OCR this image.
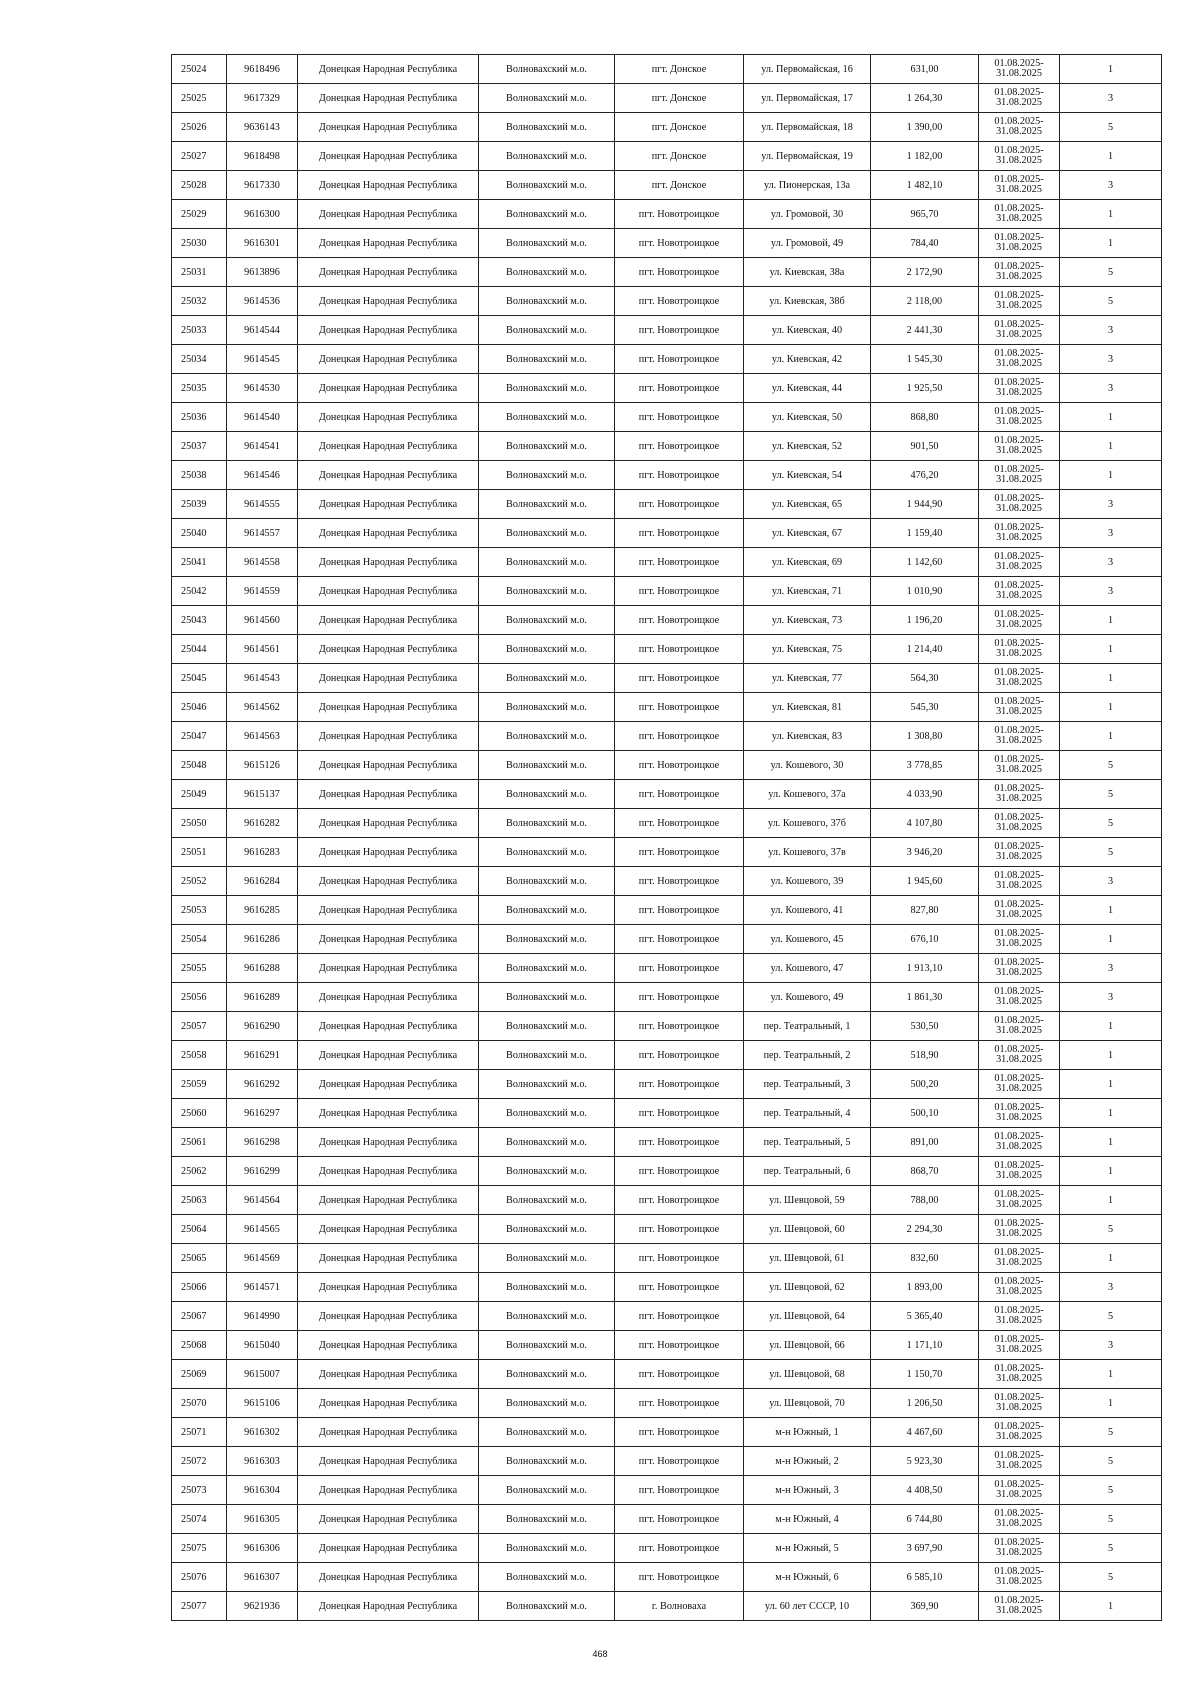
25024	9618496	Донецкая Народная Республика	Волновахский м.о.	пгт. Донское	ул. Первомайская, 16	631,00	01.08.2025-31.08.2025	1
25025	9617329	Донецкая Народная Республика	Волновахский м.о.	пгт. Донское	ул. Первомайская, 17	1 264,30	01.08.2025-31.08.2025	3
25026	9636143	Донецкая Народная Республика	Волновахский м.о.	пгт. Донское	ул. Первомайская, 18	1 390,00	01.08.2025-31.08.2025	5
25027	9618498	Донецкая Народная Республика	Волновахский м.о.	пгт. Донское	ул. Первомайская, 19	1 182,00	01.08.2025-31.08.2025	1
25028	9617330	Донецкая Народная Республика	Волновахский м.о.	пгт. Донское	ул. Пионерская, 13а	1 482,10	01.08.2025-31.08.2025	3
25029	9616300	Донецкая Народная Республика	Волновахский м.о.	пгт. Новотроицкое	ул. Громовой, 30	965,70	01.08.2025-31.08.2025	1
25030	9616301	Донецкая Народная Республика	Волновахский м.о.	пгт. Новотроицкое	ул. Громовой, 49	784,40	01.08.2025-31.08.2025	1
25031	9613896	Донецкая Народная Республика	Волновахский м.о.	пгт. Новотроицкое	ул. Киевская, 38а	2 172,90	01.08.2025-31.08.2025	5
25032	9614536	Донецкая Народная Республика	Волновахский м.о.	пгт. Новотроицкое	ул. Киевская, 38б	2 118,00	01.08.2025-31.08.2025	5
25033	9614544	Донецкая Народная Республика	Волновахский м.о.	пгт. Новотроицкое	ул. Киевская, 40	2 441,30	01.08.2025-31.08.2025	3
25034	9614545	Донецкая Народная Республика	Волновахский м.о.	пгт. Новотроицкое	ул. Киевская, 42	1 545,30	01.08.2025-31.08.2025	3
25035	9614530	Донецкая Народная Республика	Волновахский м.о.	пгт. Новотроицкое	ул. Киевская, 44	1 925,50	01.08.2025-31.08.2025	3
25036	9614540	Донецкая Народная Республика	Волновахский м.о.	пгт. Новотроицкое	ул. Киевская, 50	868,80	01.08.2025-31.08.2025	1
25037	9614541	Донецкая Народная Республика	Волновахский м.о.	пгт. Новотроицкое	ул. Киевская, 52	901,50	01.08.2025-31.08.2025	1
25038	9614546	Донецкая Народная Республика	Волновахский м.о.	пгт. Новотроицкое	ул. Киевская, 54	476,20	01.08.2025-31.08.2025	1
25039	9614555	Донецкая Народная Республика	Волновахский м.о.	пгт. Новотроицкое	ул. Киевская, 65	1 944,90	01.08.2025-31.08.2025	3
25040	9614557	Донецкая Народная Республика	Волновахский м.о.	пгт. Новотроицкое	ул. Киевская, 67	1 159,40	01.08.2025-31.08.2025	3
25041	9614558	Донецкая Народная Республика	Волновахский м.о.	пгт. Новотроицкое	ул. Киевская, 69	1 142,60	01.08.2025-31.08.2025	3
25042	9614559	Донецкая Народная Республика	Волновахский м.о.	пгт. Новотроицкое	ул. Киевская, 71	1 010,90	01.08.2025-31.08.2025	3
25043	9614560	Донецкая Народная Республика	Волновахский м.о.	пгт. Новотроицкое	ул. Киевская, 73	1 196,20	01.08.2025-31.08.2025	1
25044	9614561	Донецкая Народная Республика	Волновахский м.о.	пгт. Новотроицкое	ул. Киевская, 75	1 214,40	01.08.2025-31.08.2025	1
25045	9614543	Донецкая Народная Республика	Волновахский м.о.	пгт. Новотроицкое	ул. Киевская, 77	564,30	01.08.2025-31.08.2025	1
25046	9614562	Донецкая Народная Республика	Волновахский м.о.	пгт. Новотроицкое	ул. Киевская, 81	545,30	01.08.2025-31.08.2025	1
25047	9614563	Донецкая Народная Республика	Волновахский м.о.	пгт. Новотроицкое	ул. Киевская, 83	1 308,80	01.08.2025-31.08.2025	1
25048	9615126	Донецкая Народная Республика	Волновахский м.о.	пгт. Новотроицкое	ул. Кошевого, 30	3 778,85	01.08.2025-31.08.2025	5
25049	9615137	Донецкая Народная Республика	Волновахский м.о.	пгт. Новотроицкое	ул. Кошевого, 37а	4 033,90	01.08.2025-31.08.2025	5
25050	9616282	Донецкая Народная Республика	Волновахский м.о.	пгт. Новотроицкое	ул. Кошевого, 37б	4 107,80	01.08.2025-31.08.2025	5
25051	9616283	Донецкая Народная Республика	Волновахский м.о.	пгт. Новотроицкое	ул. Кошевого, 37в	3 946,20	01.08.2025-31.08.2025	5
25052	9616284	Донецкая Народная Республика	Волновахский м.о.	пгт. Новотроицкое	ул. Кошевого, 39	1 945,60	01.08.2025-31.08.2025	3
25053	9616285	Донецкая Народная Республика	Волновахский м.о.	пгт. Новотроицкое	ул. Кошевого, 41	827,80	01.08.2025-31.08.2025	1
25054	9616286	Донецкая Народная Республика	Волновахский м.о.	пгт. Новотроицкое	ул. Кошевого, 45	676,10	01.08.2025-31.08.2025	1
25055	9616288	Донецкая Народная Республика	Волновахский м.о.	пгт. Новотроицкое	ул. Кошевого, 47	1 913,10	01.08.2025-31.08.2025	3
25056	9616289	Донецкая Народная Республика	Волновахский м.о.	пгт. Новотроицкое	ул. Кошевого, 49	1 861,30	01.08.2025-31.08.2025	3
25057	9616290	Донецкая Народная Республика	Волновахский м.о.	пгт. Новотроицкое	пер. Театральный, 1	530,50	01.08.2025-31.08.2025	1
25058	9616291	Донецкая Народная Республика	Волновахский м.о.	пгт. Новотроицкое	пер. Театральный, 2	518,90	01.08.2025-31.08.2025	1
25059	9616292	Донецкая Народная Республика	Волновахский м.о.	пгт. Новотроицкое	пер. Театральный, 3	500,20	01.08.2025-31.08.2025	1
25060	9616297	Донецкая Народная Республика	Волновахский м.о.	пгт. Новотроицкое	пер. Театральный, 4	500,10	01.08.2025-31.08.2025	1
25061	9616298	Донецкая Народная Республика	Волновахский м.о.	пгт. Новотроицкое	пер. Театральный, 5	891,00	01.08.2025-31.08.2025	1
25062	9616299	Донецкая Народная Республика	Волновахский м.о.	пгт. Новотроицкое	пер. Театральный, 6	868,70	01.08.2025-31.08.2025	1
25063	9614564	Донецкая Народная Республика	Волновахский м.о.	пгт. Новотроицкое	ул. Шевцовой, 59	788,00	01.08.2025-31.08.2025	1
25064	9614565	Донецкая Народная Республика	Волновахский м.о.	пгт. Новотроицкое	ул. Шевцовой, 60	2 294,30	01.08.2025-31.08.2025	5
25065	9614569	Донецкая Народная Республика	Волновахский м.о.	пгт. Новотроицкое	ул. Шевцовой, 61	832,60	01.08.2025-31.08.2025	1
25066	9614571	Донецкая Народная Республика	Волновахский м.о.	пгт. Новотроицкое	ул. Шевцовой, 62	1 893,00	01.08.2025-31.08.2025	3
25067	9614990	Донецкая Народная Республика	Волновахский м.о.	пгт. Новотроицкое	ул. Шевцовой, 64	5 365,40	01.08.2025-31.08.2025	5
25068	9615040	Донецкая Народная Республика	Волновахский м.о.	пгт. Новотроицкое	ул. Шевцовой, 66	1 171,10	01.08.2025-31.08.2025	3
25069	9615007	Донецкая Народная Республика	Волновахский м.о.	пгт. Новотроицкое	ул. Шевцовой, 68	1 150,70	01.08.2025-31.08.2025	1
25070	9615106	Донецкая Народная Республика	Волновахский м.о.	пгт. Новотроицкое	ул. Шевцовой, 70	1 206,50	01.08.2025-31.08.2025	1
25071	9616302	Донецкая Народная Республика	Волновахский м.о.	пгт. Новотроицкое	м-н Южный, 1	4 467,60	01.08.2025-31.08.2025	5
25072	9616303	Донецкая Народная Республика	Волновахский м.о.	пгт. Новотроицкое	м-н Южный, 2	5 923,30	01.08.2025-31.08.2025	5
25073	9616304	Донецкая Народная Республика	Волновахский м.о.	пгт. Новотроицкое	м-н Южный, 3	4 408,50	01.08.2025-31.08.2025	5
25074	9616305	Донецкая Народная Республика	Волновахский м.о.	пгт. Новотроицкое	м-н Южный, 4	6 744,80	01.08.2025-31.08.2025	5
25075	9616306	Донецкая Народная Республика	Волновахский м.о.	пгт. Новотроицкое	м-н Южный, 5	3 697,90	01.08.2025-31.08.2025	5
25076	9616307	Донецкая Народная Республика	Волновахский м.о.	пгт. Новотроицкое	м-н Южный, 6	6 585,10	01.08.2025-31.08.2025	5
25077	9621936	Донецкая Народная Республика	Волновахский м.о.	г. Волноваха	ул. 60 лет СССР, 10	369,90	01.08.2025-31.08.2025	1
468
